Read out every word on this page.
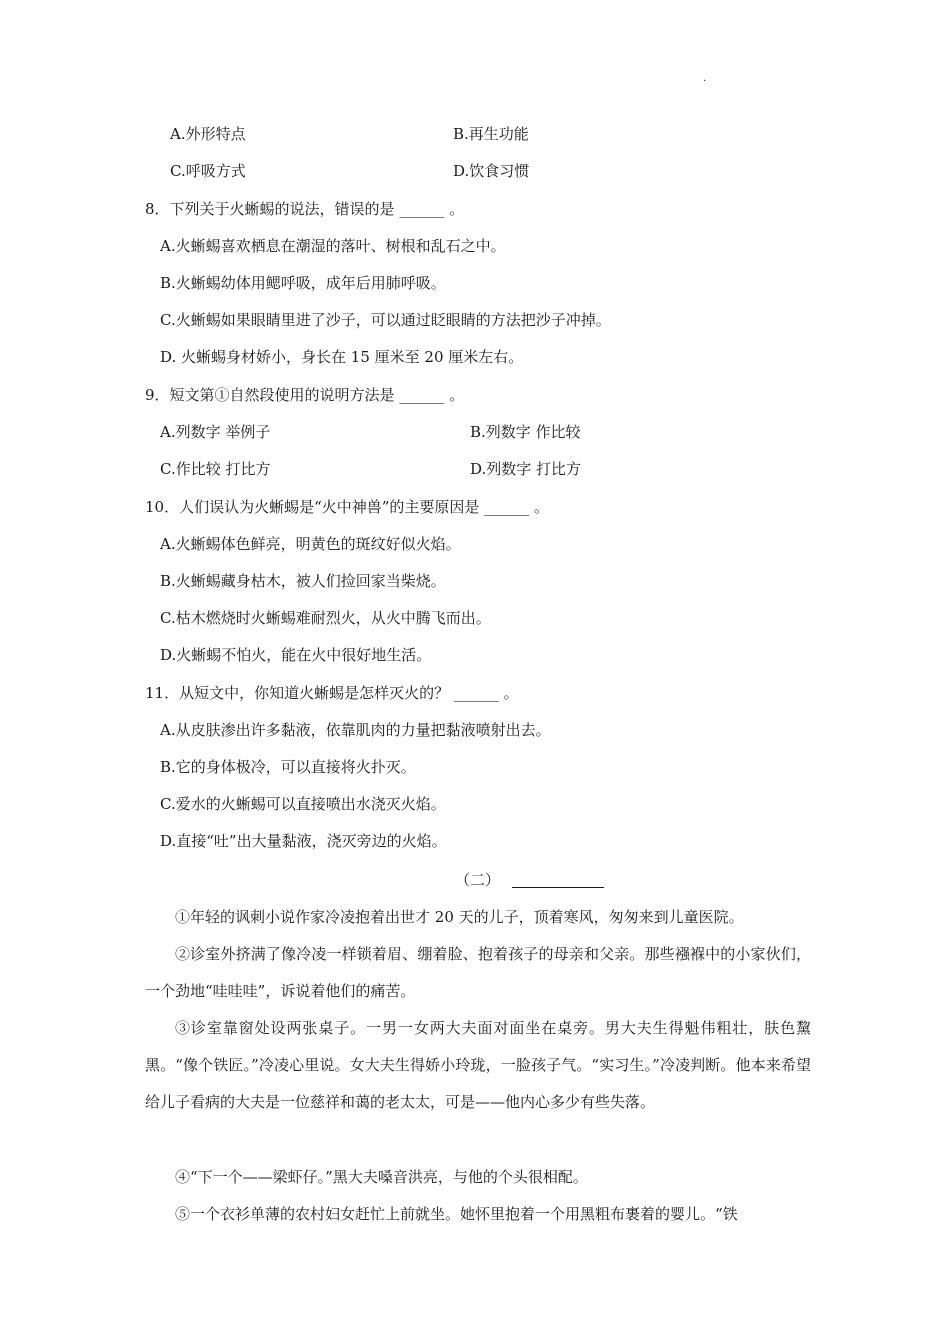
.
A.外形特点	B.再生功能
C.呼吸方式	D.饮食习惯
8．下列关于火蜥蜴的说法，错误的是 ______ 。
A.火蜥蜴喜欢栖息在潮湿的落叶、树根和乱石之中。
B.火蜥蜴幼体用鳃呼吸，成年后用肺呼吸。
C.火蜥蜴如果眼睛里进了沙子，可以通过眨眼睛的方法把沙子冲掉。
D. 火蜥蜴身材娇小，身长在 15 厘米至 20 厘米左右。
9．短文第①自然段使用的说明方法是 ______ 。
A.列数字 举例子	B.列数字 作比较
C.作比较 打比方	D.列数字 打比方
10．人们误认为火蜥蜴是“火中神兽”的主要原因是 ______ 。
A.火蜥蜴体色鲜亮，明黄色的斑纹好似火焰。
B.火蜥蜴藏身枯木，被人们捡回家当柴烧。
C.枯木燃烧时火蜥蜴难耐烈火，从火中腾飞而出。
D.火蜥蜴不怕火，能在火中很好地生活。
11．从短文中，你知道火蜥蜴是怎样灭火的？ ______ 。
A.从皮肤渗出许多黏液，依靠肌肉的力量把黏液喷射出去。
B.它的身体极冷，可以直接将火扑灭。
C.爱水的火蜥蜴可以直接喷出水浇灭火焰。
D.直接“吐”出大量黏液，浇灭旁边的火焰。
（二）
①年轻的讽刺小说作家冷凌抱着出世才 20 天的儿子，顶着寒风，匆匆来到儿童医院。
②诊室外挤满了像冷凌一样锁着眉、绷着脸、抱着孩子的母亲和父亲。那些襁褓中的小家伙们，一个劲地“哇哇哇”，诉说着他们的痛苦。
③诊室靠窗处设两张桌子。一男一女两大夫面对面坐在桌旁。男大夫生得魁伟粗壮，肤色黧黑。“像个铁匠。”冷凌心里说。女大夫生得娇小玲珑，一脸孩子气。“实习生。”冷凌判断。他本来希望给儿子看病的大夫是一位慈祥和蔼的老太太，可是——他内心多少有些失落。
④“下一个——梁虾仔。”黑大夫嗓音洪亮，与他的个头很相配。
⑤一个衣衫单薄的农村妇女赶忙上前就坐。她怀里抱着一个用黑粗布裹着的婴儿。“铁
